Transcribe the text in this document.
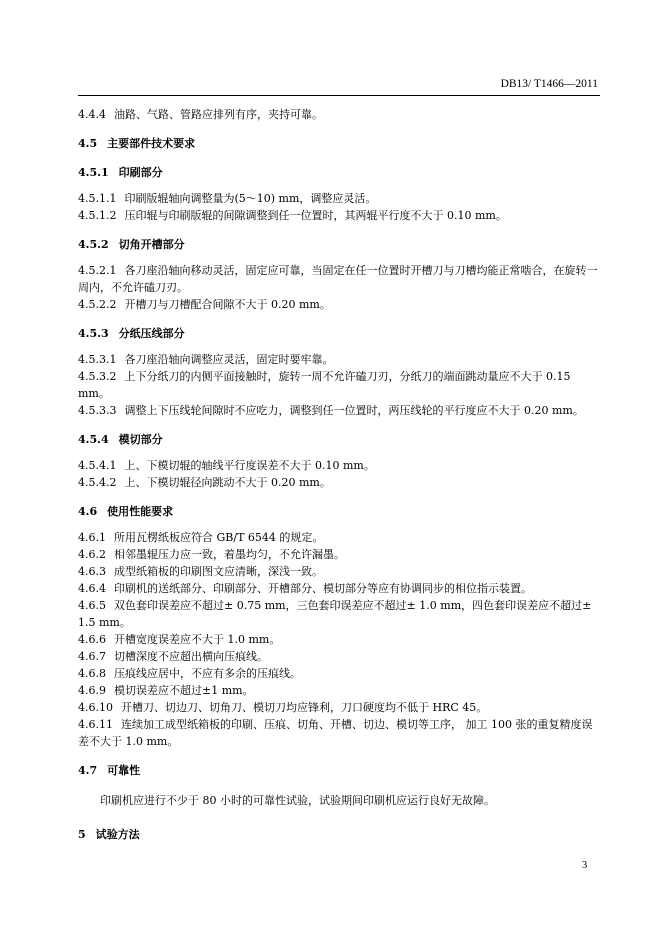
DB13/ T1466—2011

4.4.4 油路、气路、管路应排列有序，夹持可靠。

4.5 主要部件技术要求

4.5.1 印刷部分

4.5.1.1 印刷版辊轴向调整量为(5～10) mm，调整应灵活。

4.5.1.2 压印辊与印刷版辊的间隙调整到任一位置时，其两辊平行度不大于 0.10 mm。

4.5.2 切角开槽部分

4.5.2.1 各刀座沿轴向移动灵活，固定应可靠，当固定在任一位置时开槽刀与刀槽均能正常啮合，在旋转一周内，不允许磕刀刃。

4.5.2.2 开槽刀与刀槽配合间隙不大于 0.20 mm。

4.5.3 分纸压线部分

4.5.3.1 各刀座沿轴向调整应灵活，固定时要牢靠。

4.5.3.2 上下分纸刀的内侧平面接触时，旋转一周不允许磕刀刃，分纸刀的端面跳动量应不大于 0.15 mm。

4.5.3.3 调整上下压线轮间隙时不应吃力，调整到任一位置时，两压线轮的平行度应不大于 0.20 mm。

4.5.4 模切部分

4.5.4.1 上、下模切辊的轴线平行度误差不大于 0.10 mm。

4.5.4.2 上、下模切辊径向跳动不大于 0.20 mm。

4.6 使用性能要求

4.6.1 所用瓦楞纸板应符合 GB/T 6544 的规定。

4.6.2 相邻墨辊压力应一致，着墨均匀，不允许漏墨。

4.6.3 成型纸箱板的印刷图文应清晰，深浅一致。

4.6.4 印刷机的送纸部分、印刷部分、开槽部分、模切部分等应有协调同步的相位指示装置。

4.6.5 双色套印误差应不超过± 0.75 mm，三色套印误差应不超过± 1.0 mm，四色套印误差应不超过± 1.5 mm。

4.6.6 开槽宽度误差应不大于 1.0 mm。

4.6.7 切槽深度不应超出横向压痕线。

4.6.8 压痕线应居中，不应有多余的压痕线。

4.6.9 模切误差应不超过±1 mm。

4.6.10 开槽刀、切边刀、切角刀、模切刀均应锋利，刀口硬度均不低于 HRC 45。

4.6.11 连续加工成型纸箱板的印刷、压痕、切角、开槽、切边、模切等工序， 加工 100 张的重复精度误差不大于 1.0 mm。

4.7 可靠性

印刷机应进行不少于 80 小时的可靠性试验，试验期间印刷机应运行良好无故障。

5 试验方法

3
